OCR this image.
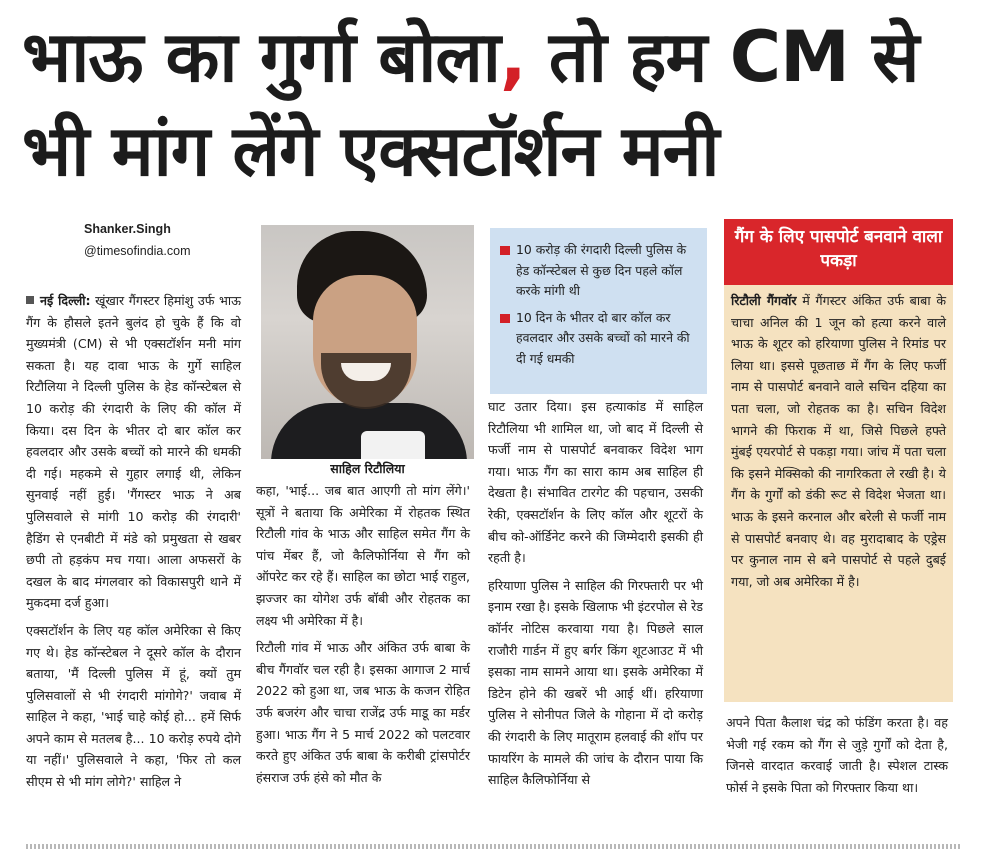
भाऊ का गुर्गा बोला, तो हम CM से भी मांग लेंगे एक्सटॉर्शन मनी
Shanker.Singh
@timesofindia.com

नई दिल्ली: खूंखार गैंगस्टर हिमांशु उर्फ भाऊ गैंग के हौसले इतने बुलंद हो चुके हैं कि वो मुख्यमंत्री (CM) से भी एक्सटॉर्शन मनी मांग सकता है। यह दावा भाऊ के गुर्गे साहिल रिटौलिया ने दिल्ली पुलिस के हेड कॉन्स्टेबल से 10 करोड़ की रंगदारी के लिए की कॉल में किया। दस दिन के भीतर दो बार कॉल कर हवलदार और उसके बच्चों को मारने की धमकी दी गई। महकमे से गुहार लगाई थी, लेकिन सुनवाई नहीं हुई। 'गैंगस्टर भाऊ ने अब पुलिसवाले से मांगी 10 करोड़ की रंगदारी' हैडिंग से एनबीटी में मंडे को प्रमुखता से खबर छपी तो हड़कंप मच गया। आला अफसरों के दखल के बाद मंगलवार को विकासपुरी थाने में मुकदमा दर्ज हुआ।

एक्सटॉर्शन के लिए यह कॉल अमेरिका से किए गए थे। हेड कॉन्स्टेबल ने दूसरे कॉल के दौरान बताया, 'मैं दिल्ली पुलिस में हूं, क्यों तुम पुलिसवालों से भी रंगदारी मांगोगे?' जवाब में साहिल ने कहा, 'भाई चाहे कोई हो... हमें सिर्फ अपने काम से मतलब है... 10 करोड़ रुपये दोगे या नहीं।' पुलिसवाले ने कहा, 'फिर तो कल सीएम से भी मांग लोगे?' साहिल ने

साहिल रिटौलिया

कहा, 'भाई... जब बात आएगी तो मांग लेंगे।' सूत्रों ने बताया कि अमेरिका में रोहतक स्थित रिटौली गांव के भाऊ और साहिल समेत गैंग के पांच मेंबर हैं, जो कैलिफोर्निया से गैंग को ऑपरेट कर रहे हैं। साहिल का छोटा भाई राहुल, झज्जर का योगेश उर्फ बॉबी और रोहतक का लक्ष्य भी अमेरिका में है।

रिटौली गांव में भाऊ और अंकित उर्फ बाबा के बीच गैंगवॉर चल रही है। इसका आगाज 2 मार्च 2022 को हुआ था, जब भाऊ के कजन रोहित उर्फ बजरंग और चाचा राजेंद्र उर्फ माडू का मर्डर हुआ। भाऊ गैंग ने 5 मार्च 2022 को पलटवार करते हुए अंकित उर्फ बाबा के करीबी ट्रांसपोर्टर हंसराज उर्फ हंसे को मौत के

10 करोड़ की रंगदारी दिल्ली पुलिस के हेड कॉन्स्टेबल से कुछ दिन पहले कॉल करके मांगी थी
10 दिन के भीतर दो बार कॉल कर हवलदार और उसके बच्चों को मारने की दी गई धमकी

घाट उतार दिया। इस हत्याकांड में साहिल रिटौलिया भी शामिल था, जो बाद में दिल्ली से फर्जी नाम से पासपोर्ट बनवाकर विदेश भाग गया। भाऊ गैंग का सारा काम अब साहिल ही देखता है। संभावित टारगेट की पहचान, उसकी रेकी, एक्सटॉर्शन के लिए कॉल और शूटरों के बीच को-ऑर्डिनेट करने की जिम्मेदारी इसकी ही रहती है।

हरियाणा पुलिस ने साहिल की गिरफ्तारी पर भी इनाम रखा है। इसके खिलाफ भी इंटरपोल से रेड कॉर्नर नोटिस करवाया गया है। पिछले साल राजौरी गार्डन में हुए बर्गर किंग शूटआउट में भी इसका नाम सामने आया था। इसके अमेरिका में डिटेन होने की खबरें भी आई थीं। हरियाणा पुलिस ने सोनीपत जिले के गोहाना में दो करोड़ की रंगदारी के लिए मातूराम हलवाई की शॉप पर फायरिंग के मामले की जांच के दौरान पाया कि साहिल कैलिफोर्निया से

गैंग के लिए पासपोर्ट बनवाने वाला पकड़ा
रिटौली गैंगवॉर में गैंगस्टर अंकित उर्फ बाबा के चाचा अनिल की 1 जून को हत्या करने वाले भाऊ के शूटर को हरियाणा पुलिस ने रिमांड पर लिया था। इससे पूछताछ में गैंग के लिए फर्जी नाम से पासपोर्ट बनवाने वाले सचिन दहिया का पता चला, जो रोहतक का है। सचिन विदेश भागने की फिराक में था, जिसे पिछले हफ्ते मुंबई एयरपोर्ट से पकड़ा गया। जांच में पता चला कि इसने मेक्सिको की नागरिकता ले रखी है। ये गैंग के गुर्गों को डंकी रूट से विदेश भेजता था। भाऊ के इसने करनाल और बरेली से फर्जी नाम से पासपोर्ट बनवाए थे। वह मुरादाबाद के एड्रेस पर कुनाल नाम से बने पासपोर्ट से पहले दुबई गया, जो अब अमेरिका में है।

अपने पिता कैलाश चंद्र को फंडिंग करता है। वह भेजी गई रकम को गैंग से जुड़े गुर्गों को देता है, जिनसे वारदात करवाई जाती है। स्पेशल टास्क फोर्स ने इसके पिता को गिरफ्तार किया था।
